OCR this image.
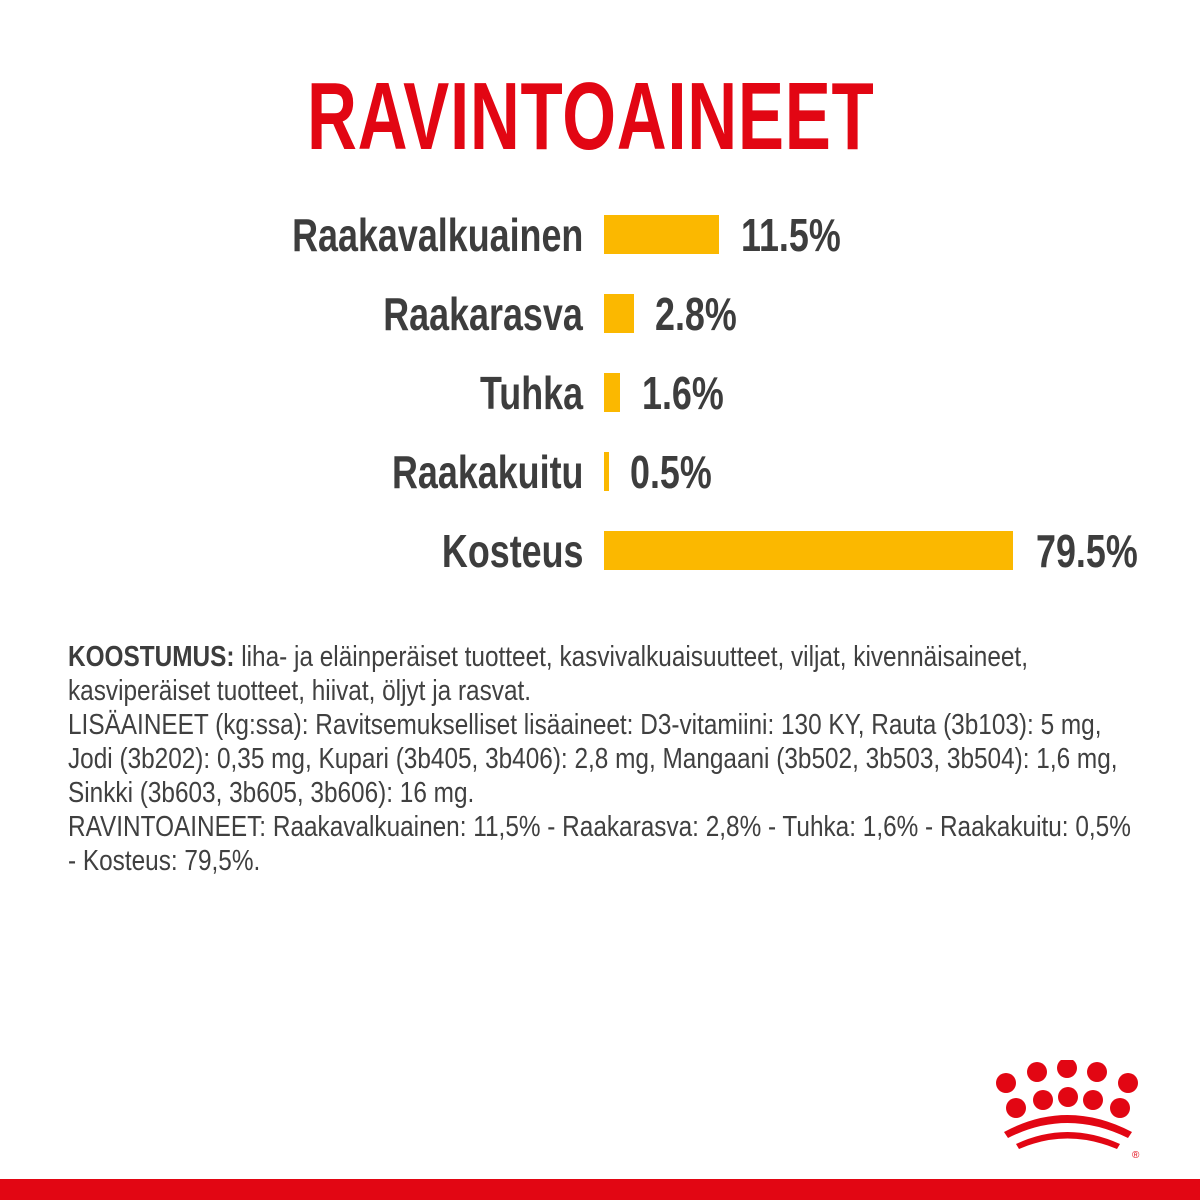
RAVINTOAINEET
Raakavalkuainen	11.5%
Raakarasva 2.8%
Tuhka 1.6%
Raakakuitu 0.5%
Kosteus	79.5%

KOOSTUMUS: liha- ja eläinperäiset tuotteet, kasvivalkuaisuutteet, viljat, kivennäisaineet, kasviperäiset tuotteet, hiivat, öljyt ja rasvat.

LISÄAINEET (kg:ssa): Ravitsemukselliset lisäaineet: D3-vitamiini: 130 KY, Rauta (3b103): 5 mg, Jodi (3b202): 0,35 mg, Kupari (3b405, 3b406): 2,8 mg, Mangaani (3b502, 3b503, 3b504): 1,6 mg, Sinkki (3b603, 3b605, 3b606): 16 mg.

RAVINTOAINEET: Raakavalkuainen: 11,5% - Raakarasva: 2,8% - Tuhka: 1,6% - Raakakuitu: 0,5% - Kosteus: 79,5%.

®
